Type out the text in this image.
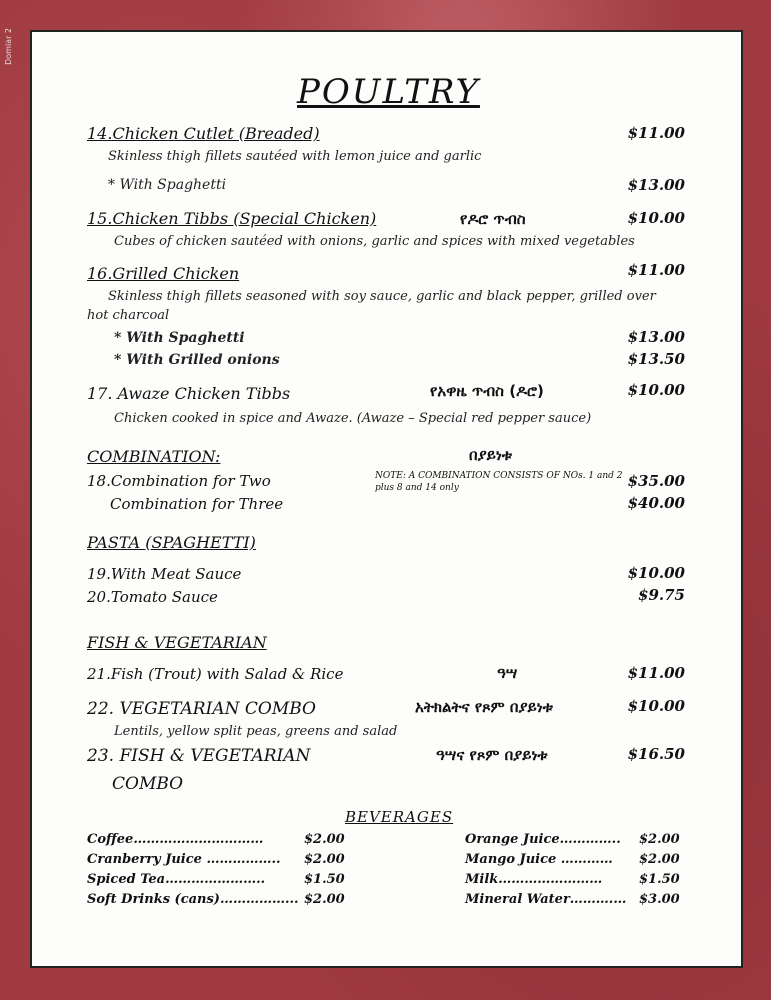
Domiar 2
POULTRY
14.Chicken Cutlet (Breaded)	$11.00
Skinless thigh fillets sautéed with lemon juice and garlic
* With Spaghetti	$13.00
15.Chicken Tibbs (Special Chicken)	የዶሮ ጥብስ	$10.00
Cubes of chicken sautéed with onions, garlic and spices with mixed vegetables
16.Grilled Chicken	$11.00
Skinless thigh fillets seasoned with soy sauce, garlic and black pepper, grilled over
hot charcoal
* With Spaghetti	$13.00
* With Grilled onions	$13.50
17. Awaze Chicken Tibbs	የአዋዜ ጥብስ (ዶሮ)	$10.00
Chicken cooked in spice and Awaze. (Awaze – Special red pepper sauce)
COMBINATION:	በያይነቱ
18.Combination for Two	NOTE: A COMBINATION CONSISTS OF NOs. 1 and 2 plus 8 and 14 only	$35.00
Combination for Three	$40.00
PASTA (SPAGHETTI)
19.With Meat Sauce	$10.00
20.Tomato Sauce	$9.75
FISH & VEGETARIAN
21.Fish (Trout) with Salad & Rice	ዓሣ	$11.00
22. VEGETARIAN COMBO	አትክልትና የጾም በያይነቱ	$10.00
Lentils, yellow split peas, greens and salad
23. FISH & VEGETARIAN
COMBO
ዓሣና የጾም በያይነቱ	$16.50
BEVERAGES
Coffee…………………………	$2.00
Cranberry Juice …………….. $2.00
Spiced Tea…………………..	$1.50
Soft Drinks (cans)……………... $2.00
Orange Juice………….. $2.00
Mango Juice ………… $2.00
Milk……………………	$1.50
Mineral Water……….… $3.00
